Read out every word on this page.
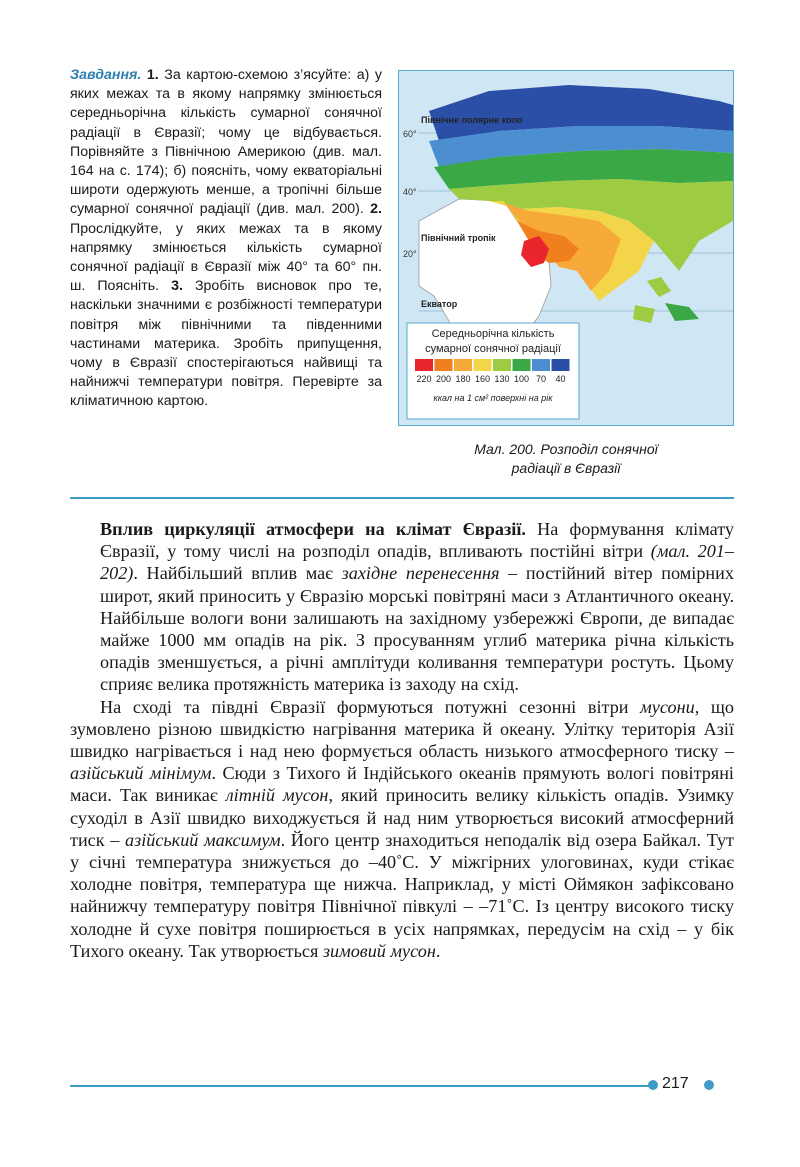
Завдання. 1. За картою-схемою з’ясуйте: а) у яких межах та в якому напрямку змінюється середньорічна кількість сумарної сонячної радіації в Євразії; чому це відбувається. Порівняйте з Північною Америкою (див. мал. 164 на с. 174); б) поясніть, чому екваторіальні широти одержують менше, а тропічні більше сумарної сонячної радіації (див. мал. 200). 2. Прослідкуйте, у яких межах та в якому напрямку змінюється кількість сумарної сонячної радіації в Євразії між 40° та 60° пн. ш. Поясніть. 3. Зробіть висновок про те, наскільки значними є розбіжності температури повітря між північними та південними частинами материка. Зробіть припущення, чому в Євразії спостерігаються найвищі та найнижчі температури повітря. Перевірте за кліматичною картою.

60°
40°
20°
Північне полярне коло
Північний тропік
Екватор
Середньорічна кількість
сумарної сонячної радіації
220 200 180 160 130 100 70 40
ккал на 1 см² поверхні на рік
Мал. 200. Розподіл сонячної
радіації в Євразії

Вплив циркуляції атмосфери на клімат Євразії. На формування клімату Євразії, у тому числі на розподіл опадів, впливають постійні вітри (мал. 201–202). Найбільший вплив має західне перенесення – постійний вітер помірних широт, який приносить у Євразію морські повітряні маси з Атлантичного океану. Найбільше вологи вони залишають на західному узбережжі Європи, де випадає майже 1000 мм опадів на рік. З просуванням углиб материка річна кількість опадів зменшується, а річні амплітуди коливання температури ростуть. Цьому сприяє велика протяжність материка із заходу на схід.

На сході та півдні Євразії формуються потужні сезонні вітри мусони, що зумовлено різною швидкістю нагрівання материка й океану. Улітку територія Азії швидко нагрівається і над нею формується область низького атмосферного тиску – азійський мінімум. Сюди з Тихого й Індійського океанів прямують вологі повітряні маси. Так виникає літній мусон, який приносить велику кількість опадів. Узимку суходіл в Азії швидко виходжується й над ним утворюється високий атмосферний тиск – азійський максимум. Його центр знаходиться неподалік від озера Байкал. Тут у січні температура знижується до –40˚С. У міжгірних улоговинах, куди стікає холодне повітря, температура ще нижча. Наприклад, у місті Оймякон зафіксовано найнижчу температуру повітря Північної півкулі – –71˚С. Із центру високого тиску холодне й сухе повітря поширюється в усіх напрямках, передусім на схід – у бік Тихого океану. Так утворюється зимовий мусон.

217
